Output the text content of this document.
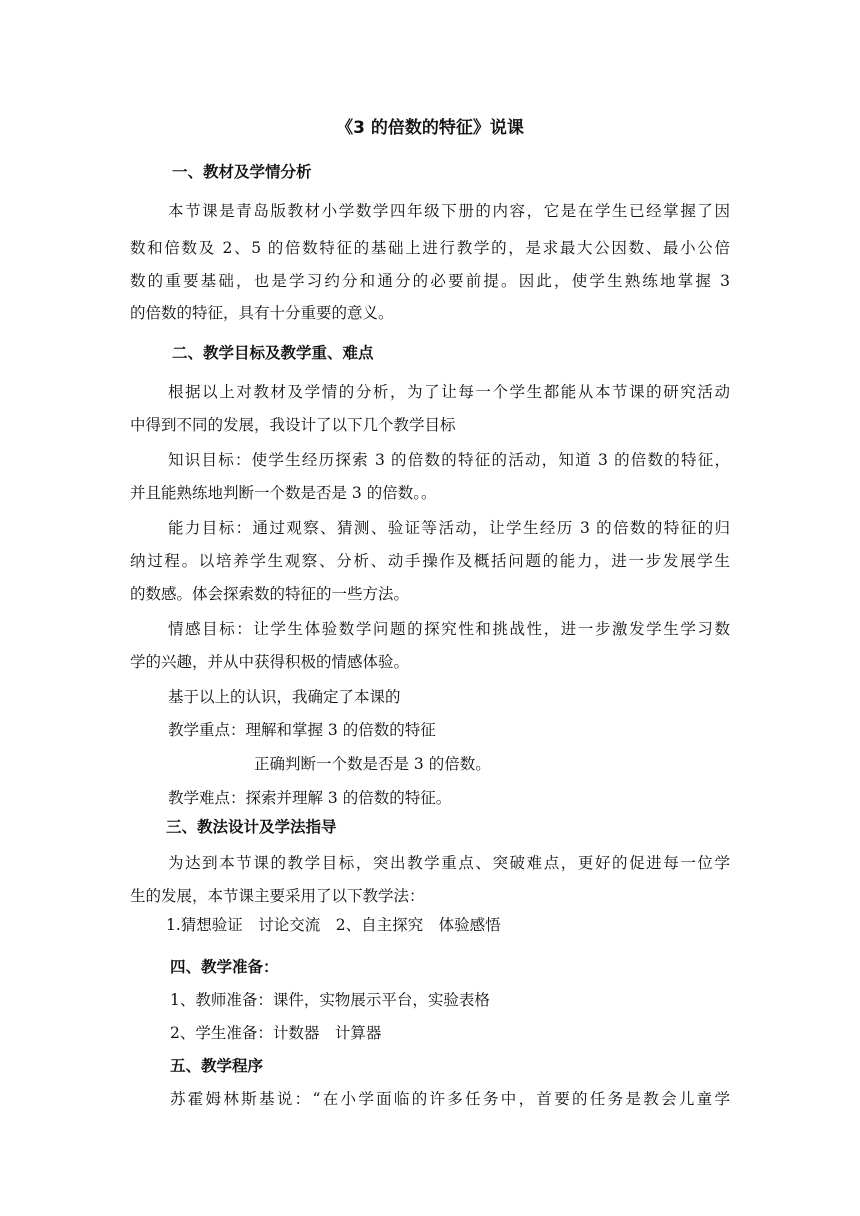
《3 的倍数的特征》说课
一、教材及学情分析
本节课是青岛版教材小学数学四年级下册的内容，它是在学生已经掌握了因
数和倍数及 2、5 的倍数特征的基础上进行教学的，是求最大公因数、最小公倍
数的重要基础，也是学习约分和通分的必要前提。因此，使学生熟练地掌握 3
的倍数的特征，具有十分重要的意义。
二、教学目标及教学重、难点
根据以上对教材及学情的分析，为了让每一个学生都能从本节课的研究活动
中得到不同的发展，我设计了以下几个教学目标
知识目标：使学生经历探索 3 的倍数的特征的活动，知道 3 的倍数的特征，
并且能熟练地判断一个数是否是 3 的倍数。。
能力目标：通过观察、猜测、验证等活动，让学生经历 3 的倍数的特征的归
纳过程。以培养学生观察、分析、动手操作及概括问题的能力，进一步发展学生
的数感。体会探索数的特征的一些方法。
情感目标：让学生体验数学问题的探究性和挑战性，进一步激发学生学习数
学的兴趣，并从中获得积极的情感体验。
基于以上的认识，我确定了本课的
教学重点：理解和掌握 3 的倍数的特征
正确判断一个数是否是 3 的倍数。
教学难点：探索并理解 3 的倍数的特征。
三、教法设计及学法指导
为达到本节课的教学目标，突出教学重点、突破难点，更好的促进每一位学
生的发展，本节课主要采用了以下教学法：
1.猜想验证　讨论交流　2、自主探究　体验感悟
四、教学准备：
1、教师准备：课件，实物展示平台，实验表格
2、学生准备：计数器　计算器
五、教学程序
苏霍姆林斯基说：“在小学面临的许多任务中，首要的任务是教会儿童学
